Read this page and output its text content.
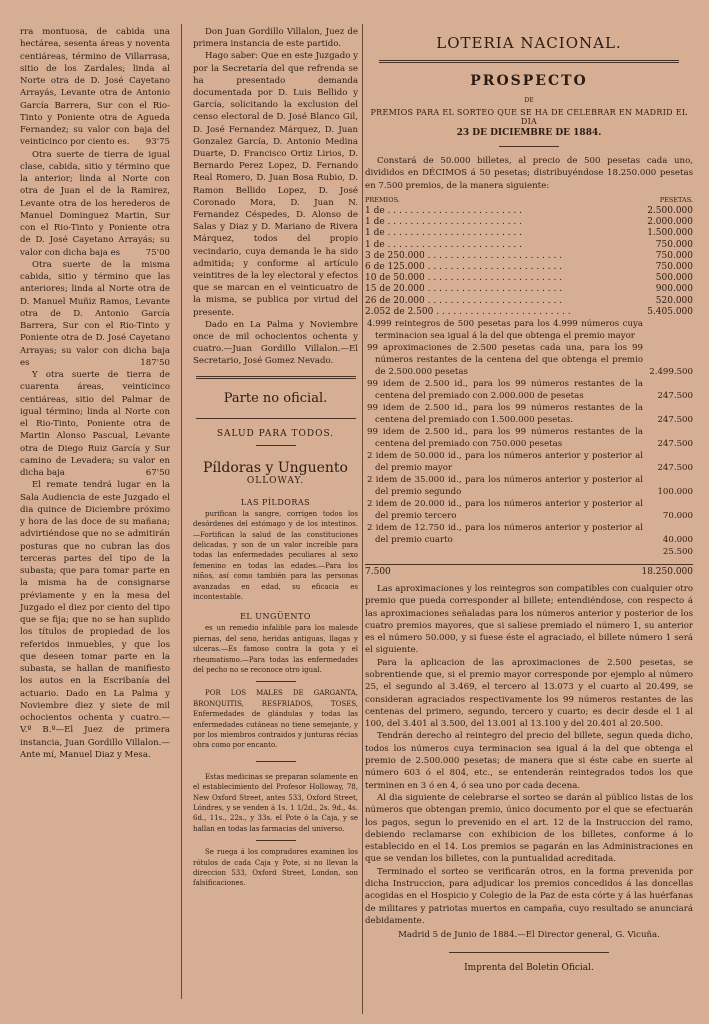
rra montuosa, de cabida una hectárea, sesenta áreas y noventa centiáreas, término de Villarrasa, sitio de los Zardales; linda al Norte otra de D. José Cayetano Arrayás, Levante otra de Antonio García Barrera, Sur con el Rio-Tinto y Poniente otra de Agueda Fernandez; su valor con baja del veinticinco por ciento es. 93'75

Otra suerte de tierra de igual clase, cabida, sitio y término que la anterior; linda al Norte con otra de Juan el de la Ramirez, Levante otra de los herederos de Manuel Dominguez Martin, Sur con el Rio-Tinto y Poniente otra de D. José Cayetano Arrayás; su valor con dicha baja es	75'00

Otra suerte de la misma cabida, sitio y término que las anteriores; linda al Norte otra de D. Manuel Muñiz Ramos, Levante otra de D. Antonio García Barrera, Sur con el Rio-Tinto y Poniente otra de D. José Cayetano Arrayas; su valor con dicha baja es	187'50

Y otra suerte de tierra de cuarenta áreas, veinticinco centiáreas, sitio del Palmar de igual término; linda al Norte con el Rio-Tinto, Poniente otra de Martin Alonso Pascual, Levante otra de Diego Ruiz García y Sur camino de Levadera; su valor en dicha baja	67'50

El remate tendrá lugar en la Sala Audiencia de este Juzgado el dia quince de Diciembre próximo y hora de las doce de su mañana; advirtiéndose que no se admitirán posturas que no cubran las dos terceras partes del tipo de la subasta; que para tomar parte en la misma ha de consignarse préviamente y en la mesa del Juzgado el diez por ciento del tipo que se fija; que no se han suplido los títulos de propiedad de los referidos inmuebles, y que los que deseen tomar parte en la subasta, se hallan de manifiesto los autos en la Escribanía del actuario. Dado en La Palma y Noviembre diez y siete de mil ochocientos ochenta y cuatro.—V.º B.º—El Juez de primera instancia, Juan Gordillo Villalon.—Ante mí, Manuel Diaz y Mesa.

Don Juan Gordillo Villalon, Juez de primera instancia de este partido.

Hago saber: Que en este Juzgado y por la Secretaría del que refrenda se ha presentado demanda documentada por D. Luis Bellido y García, solicitando la exclusion del censo electoral de D. José Blanco Gil, D. José Fernandez Márquez, D. Juan Gonzalez García, D. Antonio Medina Duarte, D. Francisco Ortiz Lirios, D. Bernardo Perez Lopez, D. Fernando Real Romero, D. Juan Bosa Rubio, D. Ramon Bellido Lopez, D. José Coronado Mora, D. Juan N. Fernandez Céspedes, D. Alonso de Salas y Diaz y D. Mariano de Rivera Márquez, todos del propio vecindario, cuya demanda le ha sido admitida; y conforme al artículo veintitres de la ley electoral y efectos que se marcan en el veinticuatro de la misma, se publica por virtud del presente.

Dado en La Palma y Noviembre once de mil ochocientos ochenta y cuatro.—Juan Gordillo Villalon.—El Secretario, José Gomez Nevado.

Parte no oficial.

SALUD PARA TODOS.

Píldoras y Unguento

OLLOWAY.

LAS PÍLDORAS

purifican la sangre, corrigen todos los desórdenes del estómago y de los intestinos.—Fortifican la salud de las constituciones delicadas, y son de un valor increible para todas las enfermedades peculiares al sexo femenino en todas las edades.—Para los niños, así como también para las personas avanzadas en edad, su eficacia es incontestable.

EL UNGÜENTO

es un remedio infalible para los malesde piernas, del seno, heridas antiguas, llagas y ulceras.—Es famoso contra la gota y el rheumatismo.—Para todas las enfermedades del pecho no se reconoce otro igual.

POR LOS MALES DE GARGANTA, BRONQUITIS, RESFRIADOS, TOSES, Enfermedades de glándulas y todas las enfermedades cutáneas no tiene semejante, y por los miembros contraidos y junturas récias obra como por encanto.

Estas medicinas se preparan solamente en el establecimiento del Profesor Holloway, 78, New Oxford Street, antes 533, Oxford Street, Lóndres, y se venden á 1s. 1 1/2d., 2s. 9d., 4s. 6d., 11s., 22s., y 33s. el Pote ó la Caja, y se hallan en todas las farmacias del universo.

Se ruega á los compradores examinen los rótulos de cada Caja y Pote, si no llevan la direccion 533, Oxford Street, London, son falsificaciones.

LOTERIA NACIONAL.

PROSPECTO

DE

PREMIOS PARA EL SORTEO QUE SE HA DE CELEBRAR EN MADRID EL DIA

23 DE DICIEMBRE DE 1884.

Constará de 50.000 billetes, al precio de 500 pesetas cada uno, divididos en DÉCIMOS á 50 pesetas; distribuyéndose 18.250.000 pesetas en 7.500 premios, de la manera siguiente:

PREMIOS.	PESETAS.
1 de . . .	2.500.000
1 de . . .	2.000.000
1 de . . .	1.500.000
1 de . . .	750.000
3 de 250.000 . . .	750.000
6 de 125.000 . . .	750.000
10 de 50.000 . . .	500.000
15 de 20.000 . . .	900.000
26 de 20.000 . . .	520.000
2.052 de 2.500 . . .	5.405.000
4.999 reintegros de 500 pesetas para los 4.999 números cuya terminacion sea igual á la del que obtenga el premio mayor
99 aproximaciones de 2.500 pesetas cada una, para los 99 números restantes de la centena del que obtenga el premio de 2.500.000 pesetas	2.499.500
99 idem de 2.500 id., para los 99 números restantes de la centena del premiado con 2.000.000 de pesetas	247.500
99 idem de 2.500 id., para los 99 números restantes de la centena del premiado con 1.500.000 pesetas.	247.500
99 idem de 2.500 id., para los 99 números restantes de la centena del premiado con 750.000 pesetas	247.500
2 idem de 50.000 id., para los números anterior y posterior al del premio mayor	247.500
2 idem de 35.000 id., para los números anterior y posterior al del premio segundo	100.000
2 idem de 20.000 id., para los números anterior y posterior al del premio tercero	70.000
2 idem de 12.750 id., para los números anterior y posterior al del premio cuarto	40.000
25.500
7.500	18.250.000

Las aproximaciones y los reintegros son compatibles con cualquier otro premio que pueda corresponder al billete; entendiéndose, con respecto á las aproximaciones señaladas para los números anterior y posterior de los cuatro premios mayores, que si saliese premiado el número 1, su anterior es el número 50.000, y si fuese éste el agraciado, el billete número 1 será el siguiente.

Para la aplicacion de las aproximaciones de 2.500 pesetas, se sobrentiende que, si el premio mayor corresponde por ejemplo al número 25, el segundo al 3.469, el tercero al 13.073 y el cuarto al 20.499, se consideran agraciados respectivamente los 99 números restantes de las centenas del primero, segundo, tercero y cuarto; es decir desde el 1 al 100, del 3.401 al 3.500, del 13.001 al 13.100 y del 20.401 al 20.500.

Tendrán derecho al reintegro del precio del billete, segun queda dicho, todos los números cuya terminacion sea igual á la del que obtenga el premio de 2.500.000 pesetas; de manera que si éste cabe en suerte al número 603 ó el 804, etc., se entenderán reintegrados todos los que terminen en 3 ó en 4, ó sea uno por cada decena.

Al dia siguiente de celebrarse el sorteo se darán al público listas de los números que obtengan premio, único documento por el que se efectuarán los pagos, segun lo prevenido en el art. 12 de la Instruccion del ramo, debiendo reclamarse con exhibicion de los billetes, conforme á lo establecido en el 14. Los premios se pagarán en las Administraciones en que se vendan los billetes, con la puntualidad acreditada.

Terminado el sorteo se verificarán otros, en la forma prevenida por dicha Instruccion, para adjudicar los premios concedidos á las doncellas acogidas en el Hospicio y Colegio de la Paz de esta córte y á las huérfanas de militares y patriotas muertos en campaña, cuyo resultado se anunciará debidamente.

Madrid 5 de Junio de 1884.—El Director general, G. Vicuña.

Imprenta del Boletin Oficial.
